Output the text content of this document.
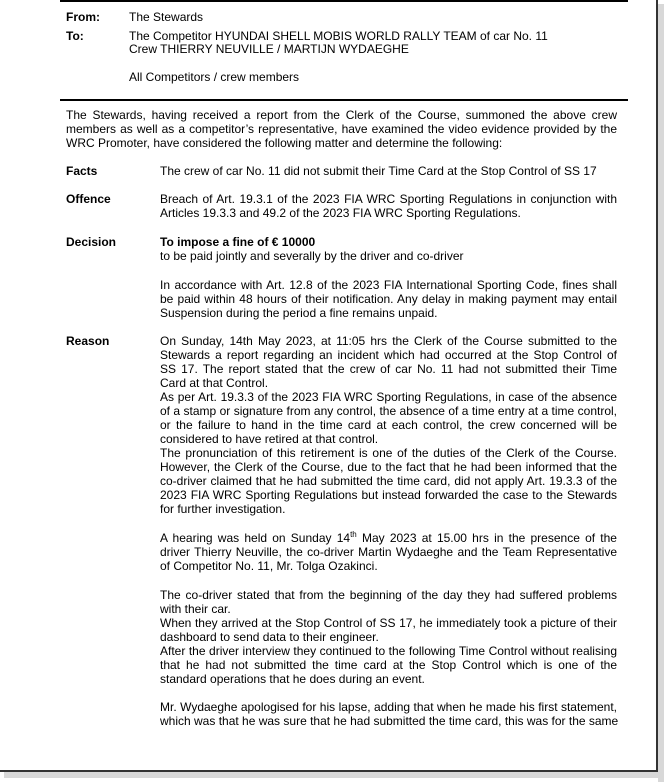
From: The Stewards
To:	The Competitor HYUNDAI SHELL MOBIS WORLD RALLY TEAM of car No. 11
Crew THIERRY NEUVILLE / MARTIJN WYDAEGHE
All Competitors / crew members
The Stewards, having received a report from the Clerk of the Course, summoned the above crew
members as well as a competitor’s representative, have examined the video evidence provided by the
WRC Promoter, have considered the following matter and determine the following:
Facts	The crew of car No. 11 did not submit their Time Card at the Stop Control of SS 17
Offence	Breach of Art. 19.3.1 of the 2023 FIA WRC Sporting Regulations in conjunction with
Articles 19.3.3 and 49.2 of the 2023 FIA WRC Sporting Regulations.
Decision	To impose a fine of € 10000
to be paid jointly and severally by the driver and co-driver
In accordance with Art. 12.8 of the 2023 FIA International Sporting Code, fines shall
be paid within 48 hours of their notification. Any delay in making payment may entail
Suspension during the period a fine remains unpaid.
Reason	On Sunday, 14th May 2023, at 11:05 hrs the Clerk of the Course submitted to the
Stewards a report regarding an incident which had occurred at the Stop Control of
SS 17. The report stated that the crew of car No. 11 had not submitted their Time
Card at that Control.
As per Art. 19.3.3 of the 2023 FIA WRC Sporting Regulations, in case of the absence
of a stamp or signature from any control, the absence of a time entry at a time control,
or the failure to hand in the time card at each control, the crew concerned will be
considered to have retired at that control.
The pronunciation of this retirement is one of the duties of the Clerk of the Course.
However, the Clerk of the Course, due to the fact that he had been informed that the
co-driver claimed that he had submitted the time card, did not apply Art. 19.3.3 of the
2023 FIA WRC Sporting Regulations but instead forwarded the case to the Stewards
for further investigation.
A hearing was held on Sunday 14th May 2023 at 15.00 hrs in the presence of the
driver Thierry Neuville, the co-driver Martin Wydaeghe and the Team Representative
of Competitor No. 11, Mr. Tolga Ozakinci.
The co-driver stated that from the beginning of the day they had suffered problems
with their car.
When they arrived at the Stop Control of SS 17, he immediately took a picture of their
dashboard to send data to their engineer.
After the driver interview they continued to the following Time Control without realising
that he had not submitted the time card at the Stop Control which is one of the
standard operations that he does during an event.
Mr. Wydaeghe apologised for his lapse, adding that when he made his first statement,
which was that he was sure that he had submitted the time card, this was for the same
